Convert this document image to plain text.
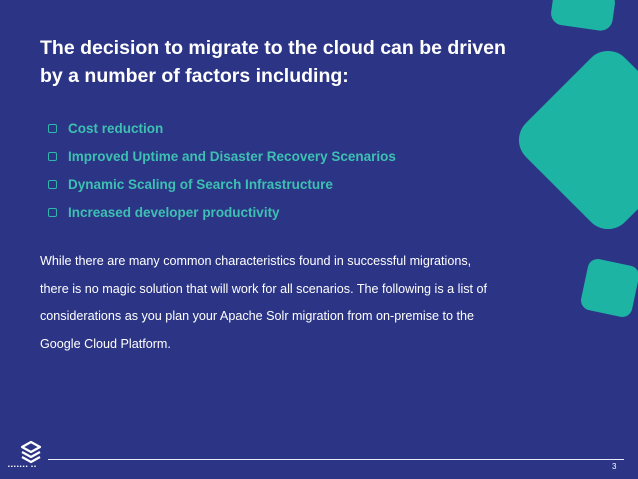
The decision to migrate to the cloud can be driven by a number of factors including:
Cost reduction
Improved Uptime and Disaster Recovery Scenarios
Dynamic Scaling of Search Infrastructure
Increased developer productivity

While there are many common characteristics found in successful migrations, there is no magic solution that will work for all scenarios. The following is a list of considerations as you plan your Apache Solr migration from on-premise to the Google Cloud Platform.

▪▪▪▪▪▪▪ ▪▪	3
